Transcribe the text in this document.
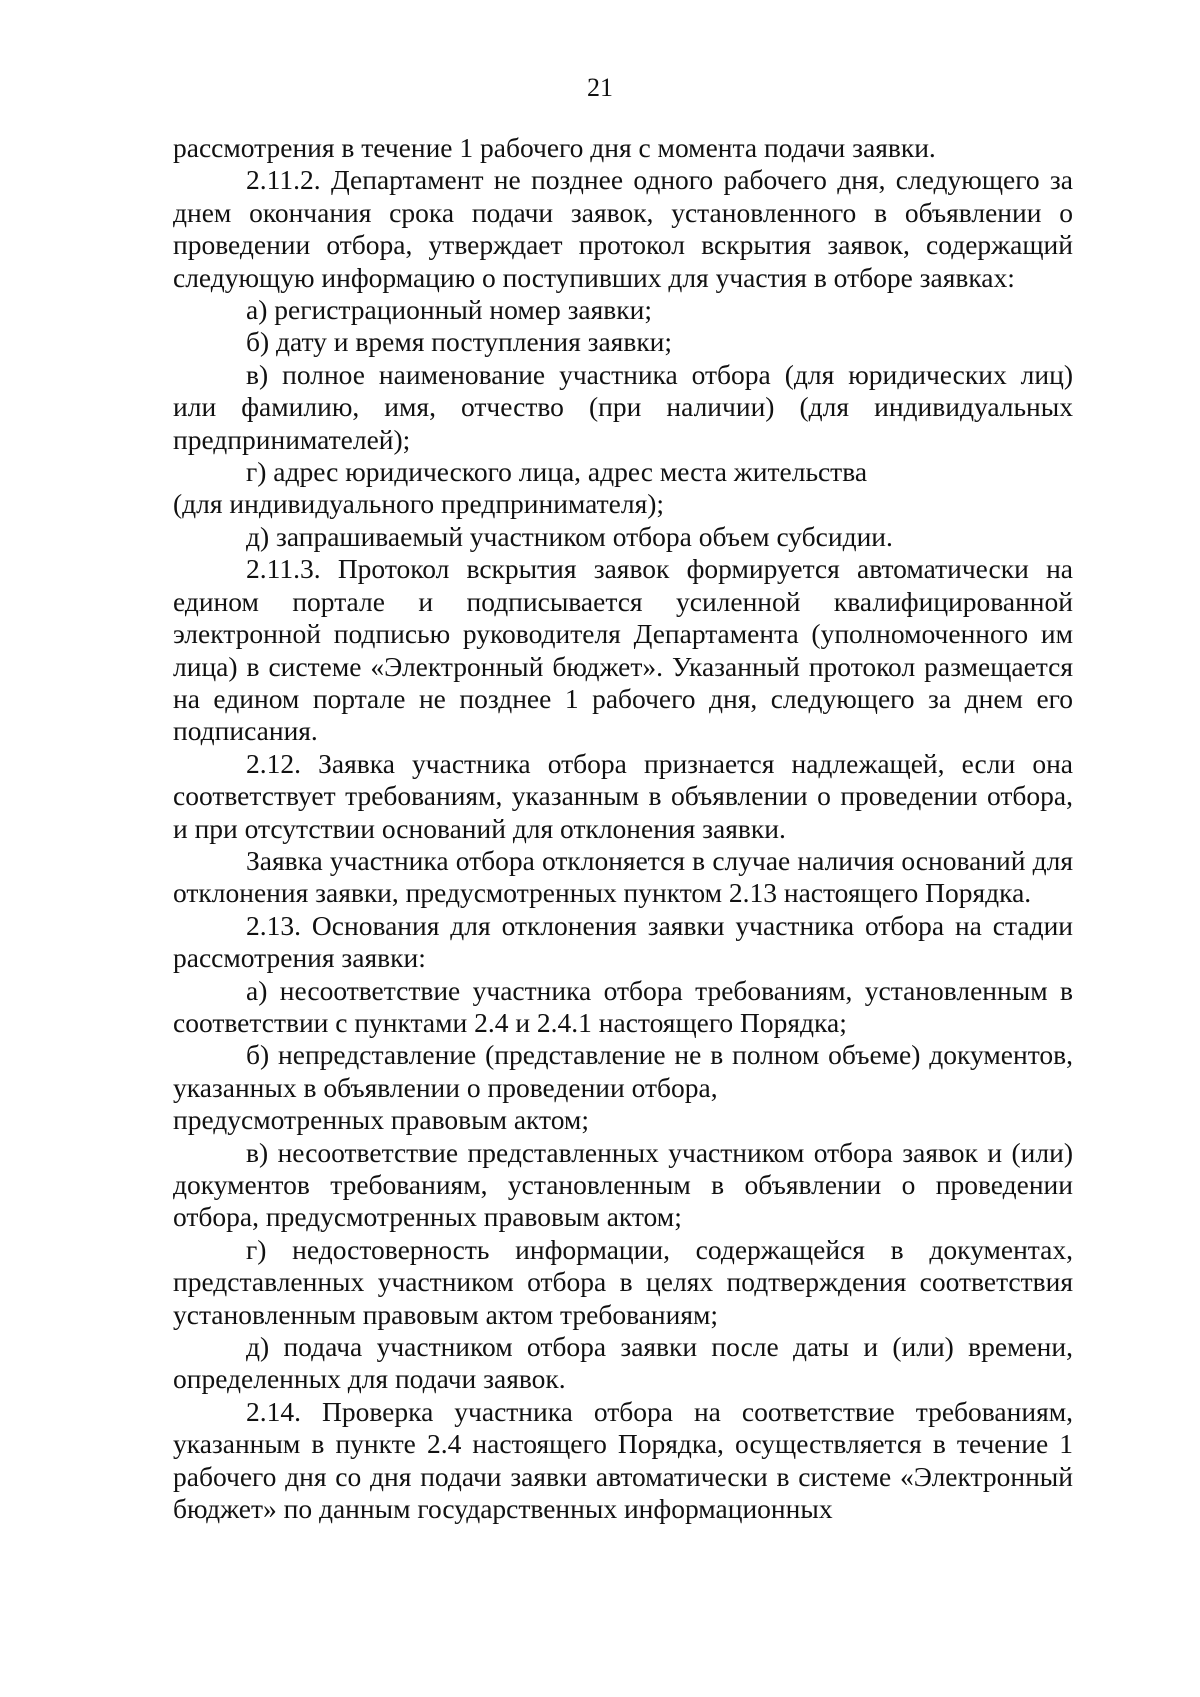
21

рассмотрения в течение 1 рабочего дня с момента подачи заявки.

2.11.2. Департамент не позднее одного рабочего дня, следующего за днем окончания срока подачи заявок, установленного в объявлении о проведении отбора, утверждает протокол вскрытия заявок, содержащий следующую информацию о поступивших для участия в отборе заявках:

а) регистрационный номер заявки;

б) дату и время поступления заявки;

в) полное наименование участника отбора (для юридических лиц) или фамилию, имя, отчество (при наличии) (для индивидуальных предпринимателей);

г) адрес юридического лица, адрес места жительства
(для индивидуального предпринимателя);

д) запрашиваемый участником отбора объем субсидии.

2.11.3. Протокол вскрытия заявок формируется автоматически на едином портале и подписывается усиленной квалифицированной электронной подписью руководителя Департамента (уполномоченного им лица) в системе «Электронный бюджет». Указанный протокол размещается на едином портале не позднее 1 рабочего дня, следующего за днем его подписания.

2.12. Заявка участника отбора признается надлежащей, если она соответствует требованиям, указанным в объявлении о проведении отбора, и при отсутствии оснований для отклонения заявки.

Заявка участника отбора отклоняется в случае наличия оснований для отклонения заявки, предусмотренных пунктом 2.13 настоящего Порядка.

2.13. Основания для отклонения заявки участника отбора на стадии рассмотрения заявки:

а) несоответствие участника отбора требованиям, установленным в соответствии с пунктами 2.4 и 2.4.1 настоящего Порядка;

б) непредставление (представление не в полном объеме) документов, указанных в объявлении о проведении отбора,
предусмотренных правовым актом;

в) несоответствие представленных участником отбора заявок и (или) документов требованиям, установленным в объявлении о проведении отбора, предусмотренных правовым актом;

г) недостоверность информации, содержащейся в документах, представленных участником отбора в целях подтверждения соответствия установленным правовым актом требованиям;

д) подача участником отбора заявки после даты и (или) времени, определенных для подачи заявок.

2.14. Проверка участника отбора на соответствие требованиям, указанным в пункте 2.4 настоящего Порядка, осуществляется в течение 1 рабочего дня со дня подачи заявки автоматически в системе «Электронный бюджет» по данным государственных информационных
